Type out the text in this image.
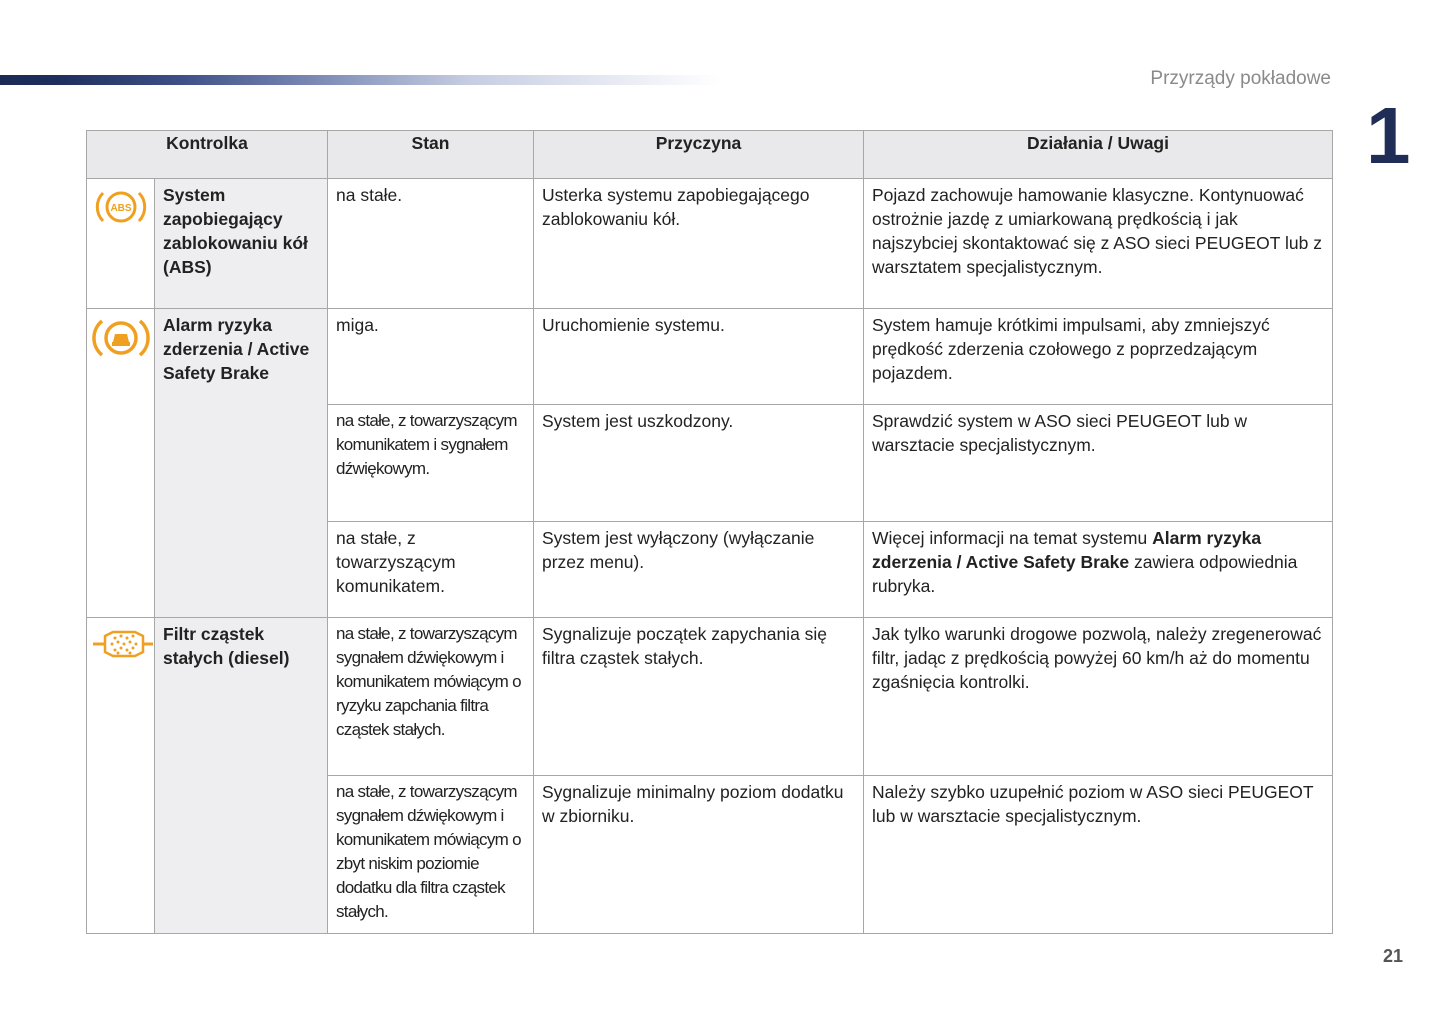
Przyrządy pokładowe
1
Kontrolka		Stan	Przyczyna	Działania / Uwagi

ABS	System zapobiegający zablokowaniu kół (ABS)	na stałe.	Usterka systemu zapobiegającego zablokowaniu kół.	Pojazd zachowuje hamowanie klasyczne. Kontynuować ostrożnie jazdę z umiarkowaną prędkością i jak najszybciej skontaktować się z ASO sieci PEUGEOT lub z warsztatem specjalistycznym.

	Alarm ryzyka zderzenia / Active Safety Brake	miga.	Uruchomienie systemu.	System hamuje krótkimi impulsami, aby zmniejszyć prędkość zderzenia czołowego z poprzedzającym pojazdem.
		na stałe, z towarzyszącym komunikatem i sygnałem dźwiękowym.	System jest uszkodzony.	Sprawdzić system w ASO sieci PEUGEOT lub w warsztacie specjalistycznym.
		na stałe, z towarzyszącym komunikatem.	System jest wyłączony (wyłączanie przez menu).	Więcej informacji na temat systemu Alarm ryzyka zderzenia / Active Safety Brake zawiera odpowiednia rubryka.

	Filtr cząstek stałych (diesel)	na stałe, z towarzyszącym sygnałem dźwiękowym i komunikatem mówiącym o ryzyku zapchania filtra cząstek stałych.	Sygnalizuje początek zapychania się filtra cząstek stałych.	Jak tylko warunki drogowe pozwolą, należy zregenerować filtr, jadąc z prędkością powyżej 60 km/h aż do momentu zgaśnięcia kontrolki.
		na stałe, z towarzyszącym sygnałem dźwiękowym i komunikatem mówiącym o zbyt niskim poziomie dodatku dla filtra cząstek stałych.	Sygnalizuje minimalny poziom dodatku w zbiorniku.	Należy szybko uzupełnić poziom w ASO sieci PEUGEOT lub w warsztacie specjalistycznym.
21
